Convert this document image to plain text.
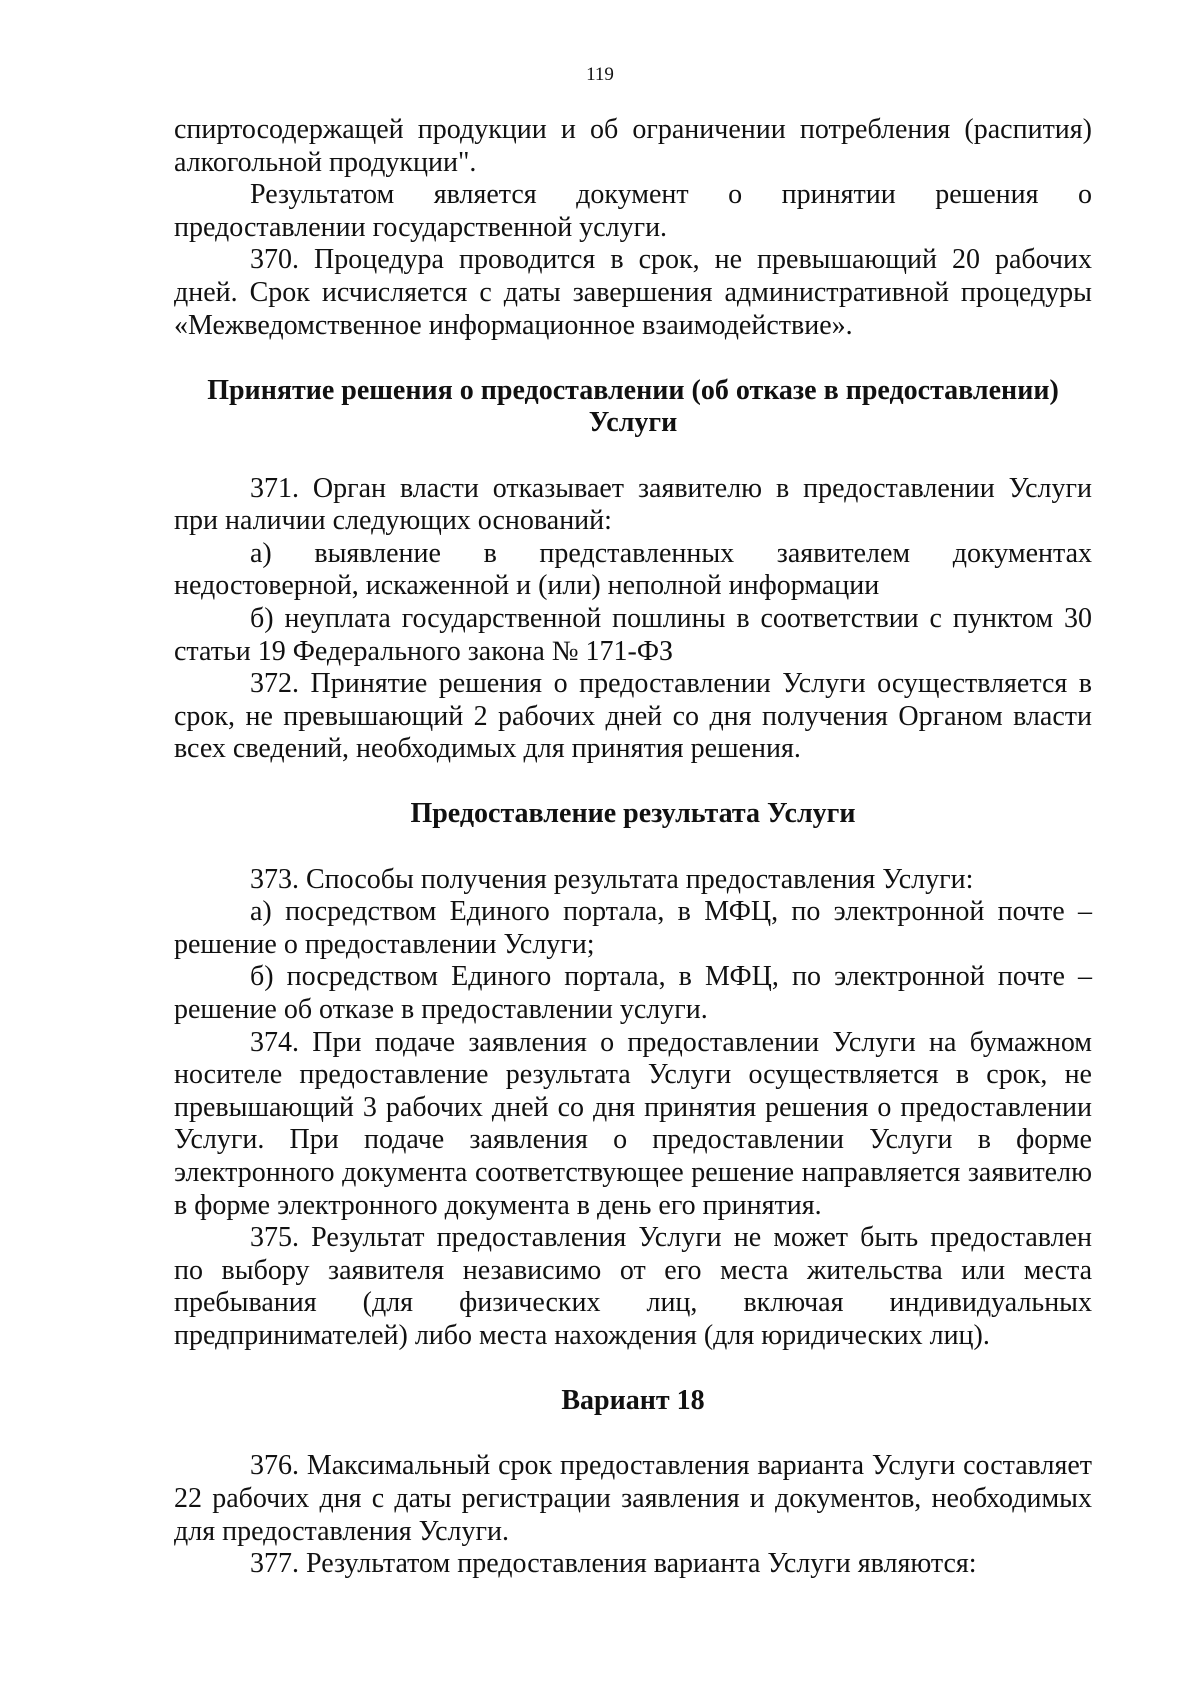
119

спиртосодержащей продукции и об ограничении потребления (распития) алкогольной продукции".

Результатом является документ о принятии решения о предоставлении государственной услуги.

370. Процедура проводится в срок, не превышающий 20 рабочих дней. Срок исчисляется с даты завершения административной процедуры «Межведомственное информационное взаимодействие».

Принятие решения о предоставлении (об отказе в предоставлении) Услуги

371. Орган власти отказывает заявителю в предоставлении Услуги при наличии следующих оснований:

а) выявление в представленных заявителем документах недостоверной, искаженной и (или) неполной информации

б) неуплата государственной пошлины в соответствии с пунктом 30 статьи 19 Федерального закона № 171-ФЗ

372. Принятие решения о предоставлении Услуги осуществляется в срок, не превышающий 2 рабочих дней со дня получения Органом власти всех сведений, необходимых для принятия решения.

Предоставление результата Услуги

373. Способы получения результата предоставления Услуги:

а) посредством Единого портала, в МФЦ, по электронной почте – решение о предоставлении Услуги;

б) посредством Единого портала, в МФЦ, по электронной почте – решение об отказе в предоставлении услуги.

374. При подаче заявления о предоставлении Услуги на бумажном носителе предоставление результата Услуги осуществляется в срок, не превышающий 3 рабочих дней со дня принятия решения о предоставлении Услуги. При подаче заявления о предоставлении Услуги в форме электронного документа соответствующее решение направляется заявителю в форме электронного документа в день его принятия.

375. Результат предоставления Услуги не может быть предоставлен по выбору заявителя независимо от его места жительства или места пребывания (для физических лиц, включая индивидуальных предпринимателей) либо места нахождения (для юридических лиц).

Вариант 18

376. Максимальный срок предоставления варианта Услуги составляет 22 рабочих дня с даты регистрации заявления и документов, необходимых для предоставления Услуги.

377. Результатом предоставления варианта Услуги являются:
